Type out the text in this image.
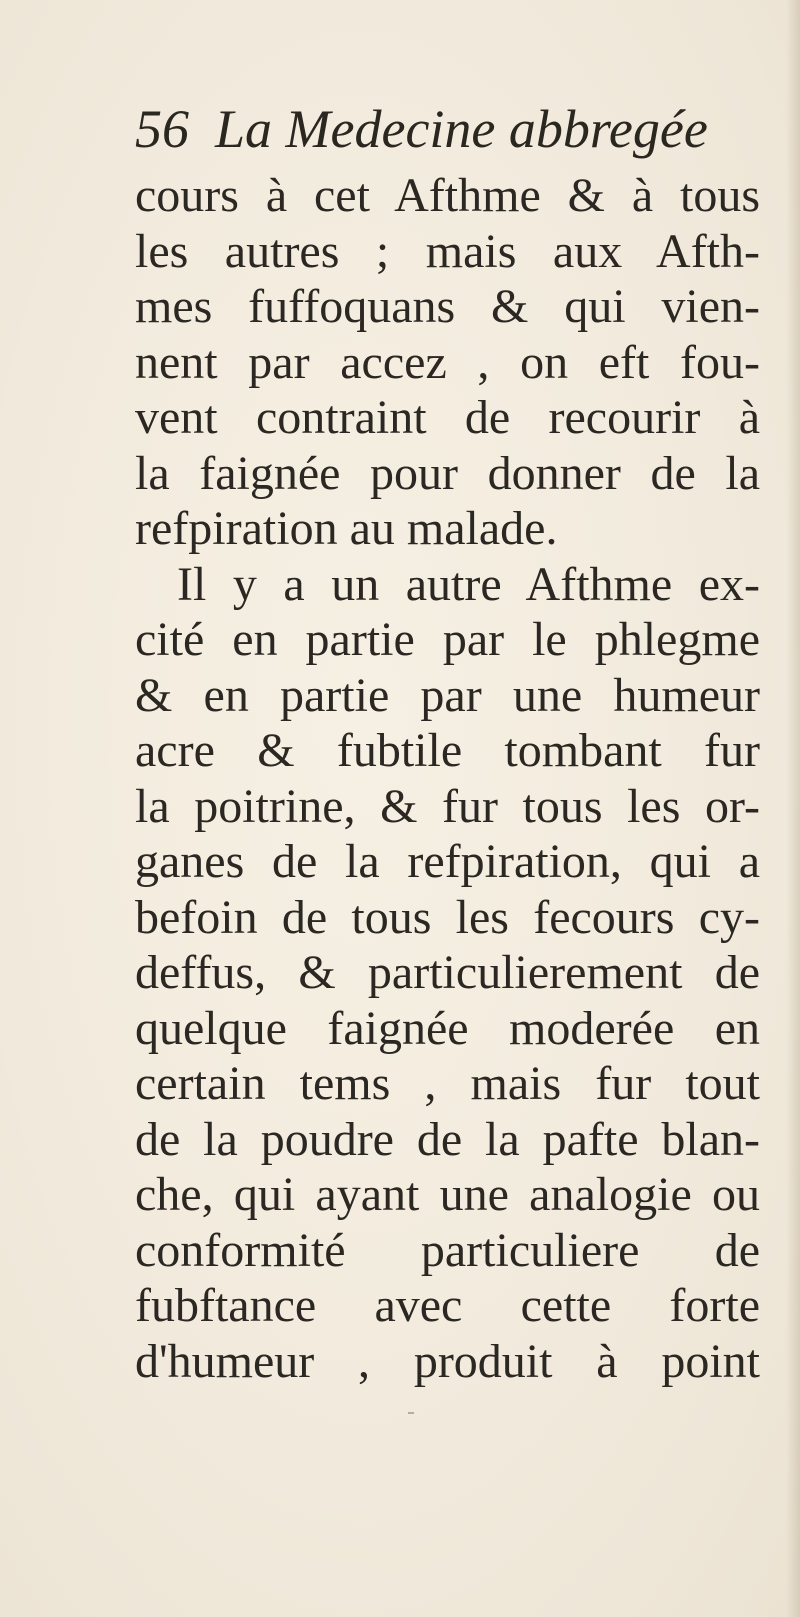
56 La Medecine abbregée
cours à cet Afthme & à tous
les autres ; mais aux Afth-
mes fuffoquans & qui vien-
nent par accez , on eft fou-
vent contraint de recourir à
la faignée pour donner de la
refpiration au malade.
Il y a un autre Afthme ex-
cité en partie par le phlegme
& en partie par une humeur
acre & fubtile tombant fur
la poitrine, & fur tous les or-
ganes de la refpiration, qui a
befoin de tous les fecours cy-
deffus, & particulierement de
quelque faignée moderée en
certain tems , mais fur tout
de la poudre de la pafte blan-
che, qui ayant une analogie ou
conformité particuliere de
fubftance avec cette forte
d'humeur , produit à point
